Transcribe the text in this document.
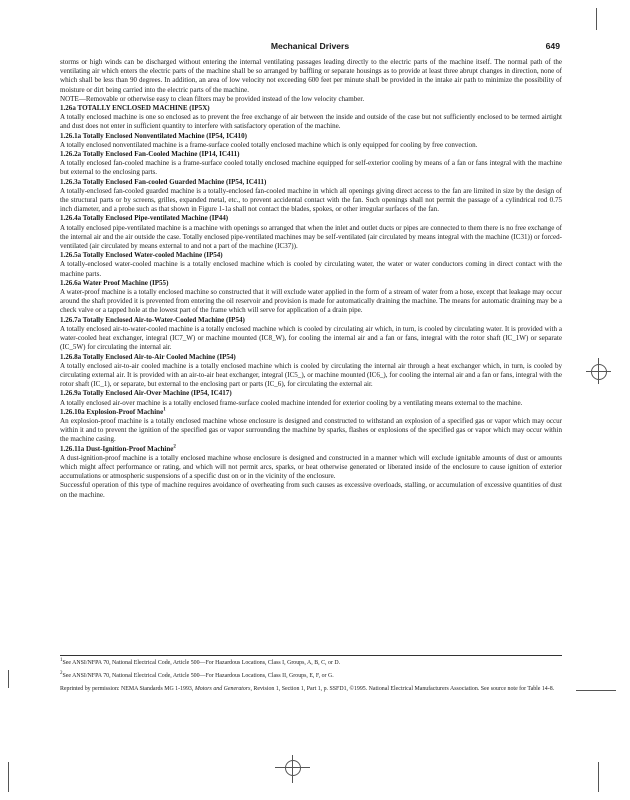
Mechanical Drivers	649

storms or high winds can be discharged without entering the internal ventilating passages leading directly to the electric parts of the machine itself. The normal path of the ventilating air which enters the electric parts of the machine shall be so arranged by baffling or separate housings as to provide at least three abrupt changes in direction, none of which shall be less than 90 degrees. In addition, an area of low velocity not exceeding 600 feet per minute shall be provided in the intake air path to minimize the possibility of moisture or dirt being carried into the electric parts of the machine.

NOTE—Removable or otherwise easy to clean filters may be provided instead of the low velocity chamber.

1.26a TOTALLY ENCLOSED MACHINE (IP5X)

A totally enclosed machine is one so enclosed as to prevent the free exchange of air between the inside and outside of the case but not sufficiently enclosed to be termed airtight and dust does not enter in sufficient quantity to interfere with satisfactory operation of the machine.

1.26.1a Totally Enclosed Nonventilated Machine (IP54, IC410)

A totally enclosed nonventilated machine is a frame-surface cooled totally enclosed machine which is only equipped for cooling by free convection.

1.26.2a Totally Enclosed Fan-Cooled Machine (IP14, IC411)

A totally enclosed fan-cooled machine is a frame-surface cooled totally enclosed machine equipped for self-exterior cooling by means of a fan or fans integral with the machine but external to the enclosing parts.

1.26.3a Totally Enclosed Fan-cooled Guarded Machine (IP54, IC411)

A totally-enclosed fan-cooled guarded machine is a totally-enclosed fan-cooled machine in which all openings giving direct access to the fan are limited in size by the design of the structural parts or by screens, grilles, expanded metal, etc., to prevent accidental contact with the fan. Such openings shall not permit the passage of a cylindrical rod 0.75 inch diameter, and a probe such as that shown in Figure 1-1a shall not contact the blades, spokes, or other irregular surfaces of the fan.

1.26.4a Totally Enclosed Pipe-ventilated Machine (IP44)

A totally enclosed pipe-ventilated machine is a machine with openings so arranged that when the inlet and outlet ducts or pipes are connected to them there is no free exchange of the internal air and the air outside the case. Totally enclosed pipe-ventilated machines may be self-ventilated (air circulated by means integral with the machine (IC31)) or forced-ventilated (air circulated by means external to and not a part of the machine (IC37)).

1.26.5a Totally Enclosed Water-cooled Machine (IP54)

A totally-enclosed water-cooled machine is a totally enclosed machine which is cooled by circulating water, the water or water conductors coming in direct contact with the machine parts.

1.26.6a Water Proof Machine (IP55)

A water-proof machine is a totally enclosed machine so constructed that it will exclude water applied in the form of a stream of water from a hose, except that leakage may occur around the shaft provided it is prevented from entering the oil reservoir and provision is made for automatically draining the machine. The means for automatic draining may be a check valve or a tapped hole at the lowest part of the frame which will serve for application of a drain pipe.

1.26.7a Totally Enclosed Air-to-Water-Cooled Machine (IP54)

A totally enclosed air-to-water-cooled machine is a totally enclosed machine which is cooled by circulating air which, in turn, is cooled by circulating water. It is provided with a water-cooled heat exchanger, integral (IC7_W) or machine mounted (IC8_W), for cooling the internal air and a fan or fans, integral with the rotor shaft (IC_1W) or separate (IC_5W) for circulating the internal air.

1.26.8a Totally Enclosed Air-to-Air Cooled Machine (IP54)

A totally enclosed air-to-air cooled machine is a totally enclosed machine which is cooled by circulating the internal air through a heat exchanger which, in turn, is cooled by circulating external air. It is provided with an air-to-air heat exchanger, integral (IC5_), or machine mounted (IC6_), for cooling the internal air and a fan or fans, integral with the rotor shaft (IC_1), or separate, but external to the enclosing part or parts (IC_6), for circulating the external air.

1.26.9a Totally Enclosed Air-Over Machine (IP54, IC417)

A totally enclosed air-over machine is a totally enclosed frame-surface cooled machine intended for exterior cooling by a ventilating means external to the machine.

1.26.10a Explosion-Proof Machine$^1$

An explosion-proof machine is a totally enclosed machine whose enclosure is designed and constructed to withstand an explosion of a specified gas or vapor which may occur within it and to prevent the ignition of the specified gas or vapor surrounding the machine by sparks, flashes or explosions of the specified gas or vapor which may occur within the machine casing.

1.26.11a Dust-Ignition-Proof Machine$^2$

A dust-ignition-proof machine is a totally enclosed machine whose enclosure is designed and constructed in a manner which will exclude ignitable amounts of dust or amounts which might affect performance or rating, and which will not permit arcs, sparks, or heat otherwise generated or liberated inside of the enclosure to cause ignition of exterior accumulations or atmospheric suspensions of a specific dust on or in the vicinity of the enclosure.

Successful operation of this type of machine requires avoidance of overheating from such causes as excessive overloads, stalling, or accumulation of excessive quantities of dust on the machine.

$^1$See ANSI/NFPA 70, National Electrical Code, Article 500—For Hazardous Locations, Class I, Groups, A, B, C, or D.

$^2$See ANSI/NFPA 70, National Electrical Code, Article 500—For Hazardous Locations, Class II, Groups, E, F, or G.

Reprinted by permission: NEMA Standards MG 1-1993, Motors and Generators, Revision 1, Section 1, Part 1, p. SSFD1, ©1995. National Electrical Manufacturers Association. See source note for Table 14-8.
